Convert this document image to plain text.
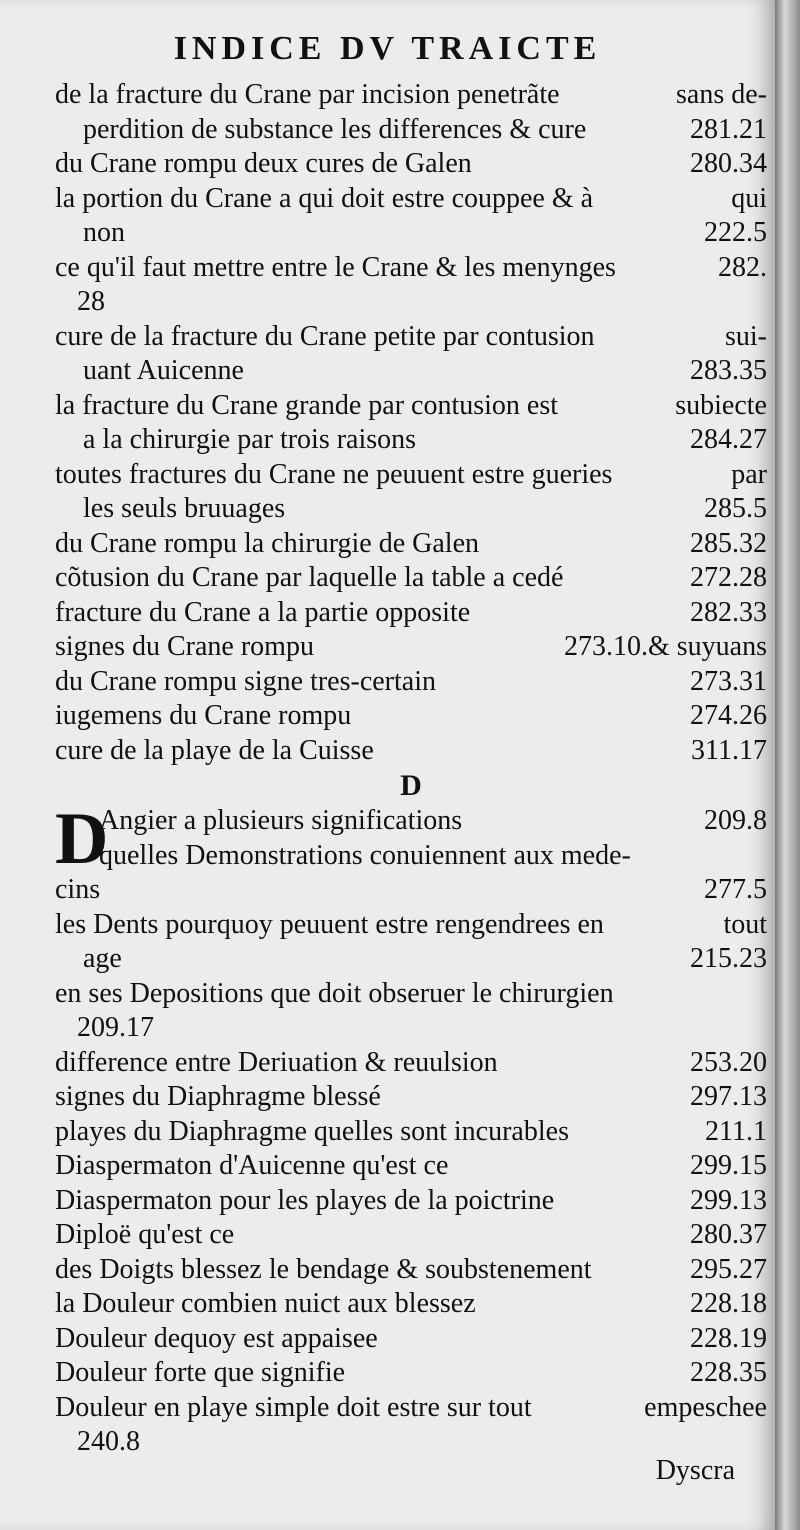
INDICE DV TRAICTE
de la fracture du Crane par incision penetrãte	sans de-
perdition de substance les differences & cure	281.21
du Crane rompu deux cures de Galen	280.34
la portion du Crane a qui doit estre couppee & à	qui
non	222.5
ce qu'il faut mettre entre le Crane & les menynges	282.
28
cure de la fracture du Crane petite par contusion	sui-
uant Auicenne	283.35
la fracture du Crane grande par contusion est	subiecte
a la chirurgie par trois raisons	284.27
toutes fractures du Crane ne peuuent estre gueries	par
les seuls bruuages	285.5
du Crane rompu la chirurgie de Galen	285.32
cõtusion du Crane par laquelle la table a cedé	272.28
fracture du Crane a la partie opposite	282.33
signes du Crane rompu	273.10.& suyuans
du Crane rompu signe tres-certain	273.31
iugemens du Crane rompu	274.26
cure de la playe de la Cuisse	311.17
D
D
Angier a plusieurs significations	209.8
quelles Demonstrations conuiennent aux mede-
cins	277.5
les Dents pourquoy peuuent estre rengendrees en	tout
age	215.23
en ses Depositions que doit obseruer le chirurgien
209.17
difference entre Deriuation & reuulsion	253.20
signes du Diaphragme blessé	297.13
playes du Diaphragme quelles sont incurables	211.1
Diaspermaton d'Auicenne qu'est ce	299.15
Diaspermaton pour les playes de la poictrine	299.13
Diploë qu'est ce	280.37
des Doigts blessez le bendage & soubstenement	295.27
la Douleur combien nuict aux blessez	228.18
Douleur dequoy est appaisee	228.19
Douleur forte que signifie	228.35
Douleur en playe simple doit estre sur tout	empeschee
240.8
Dyscra
